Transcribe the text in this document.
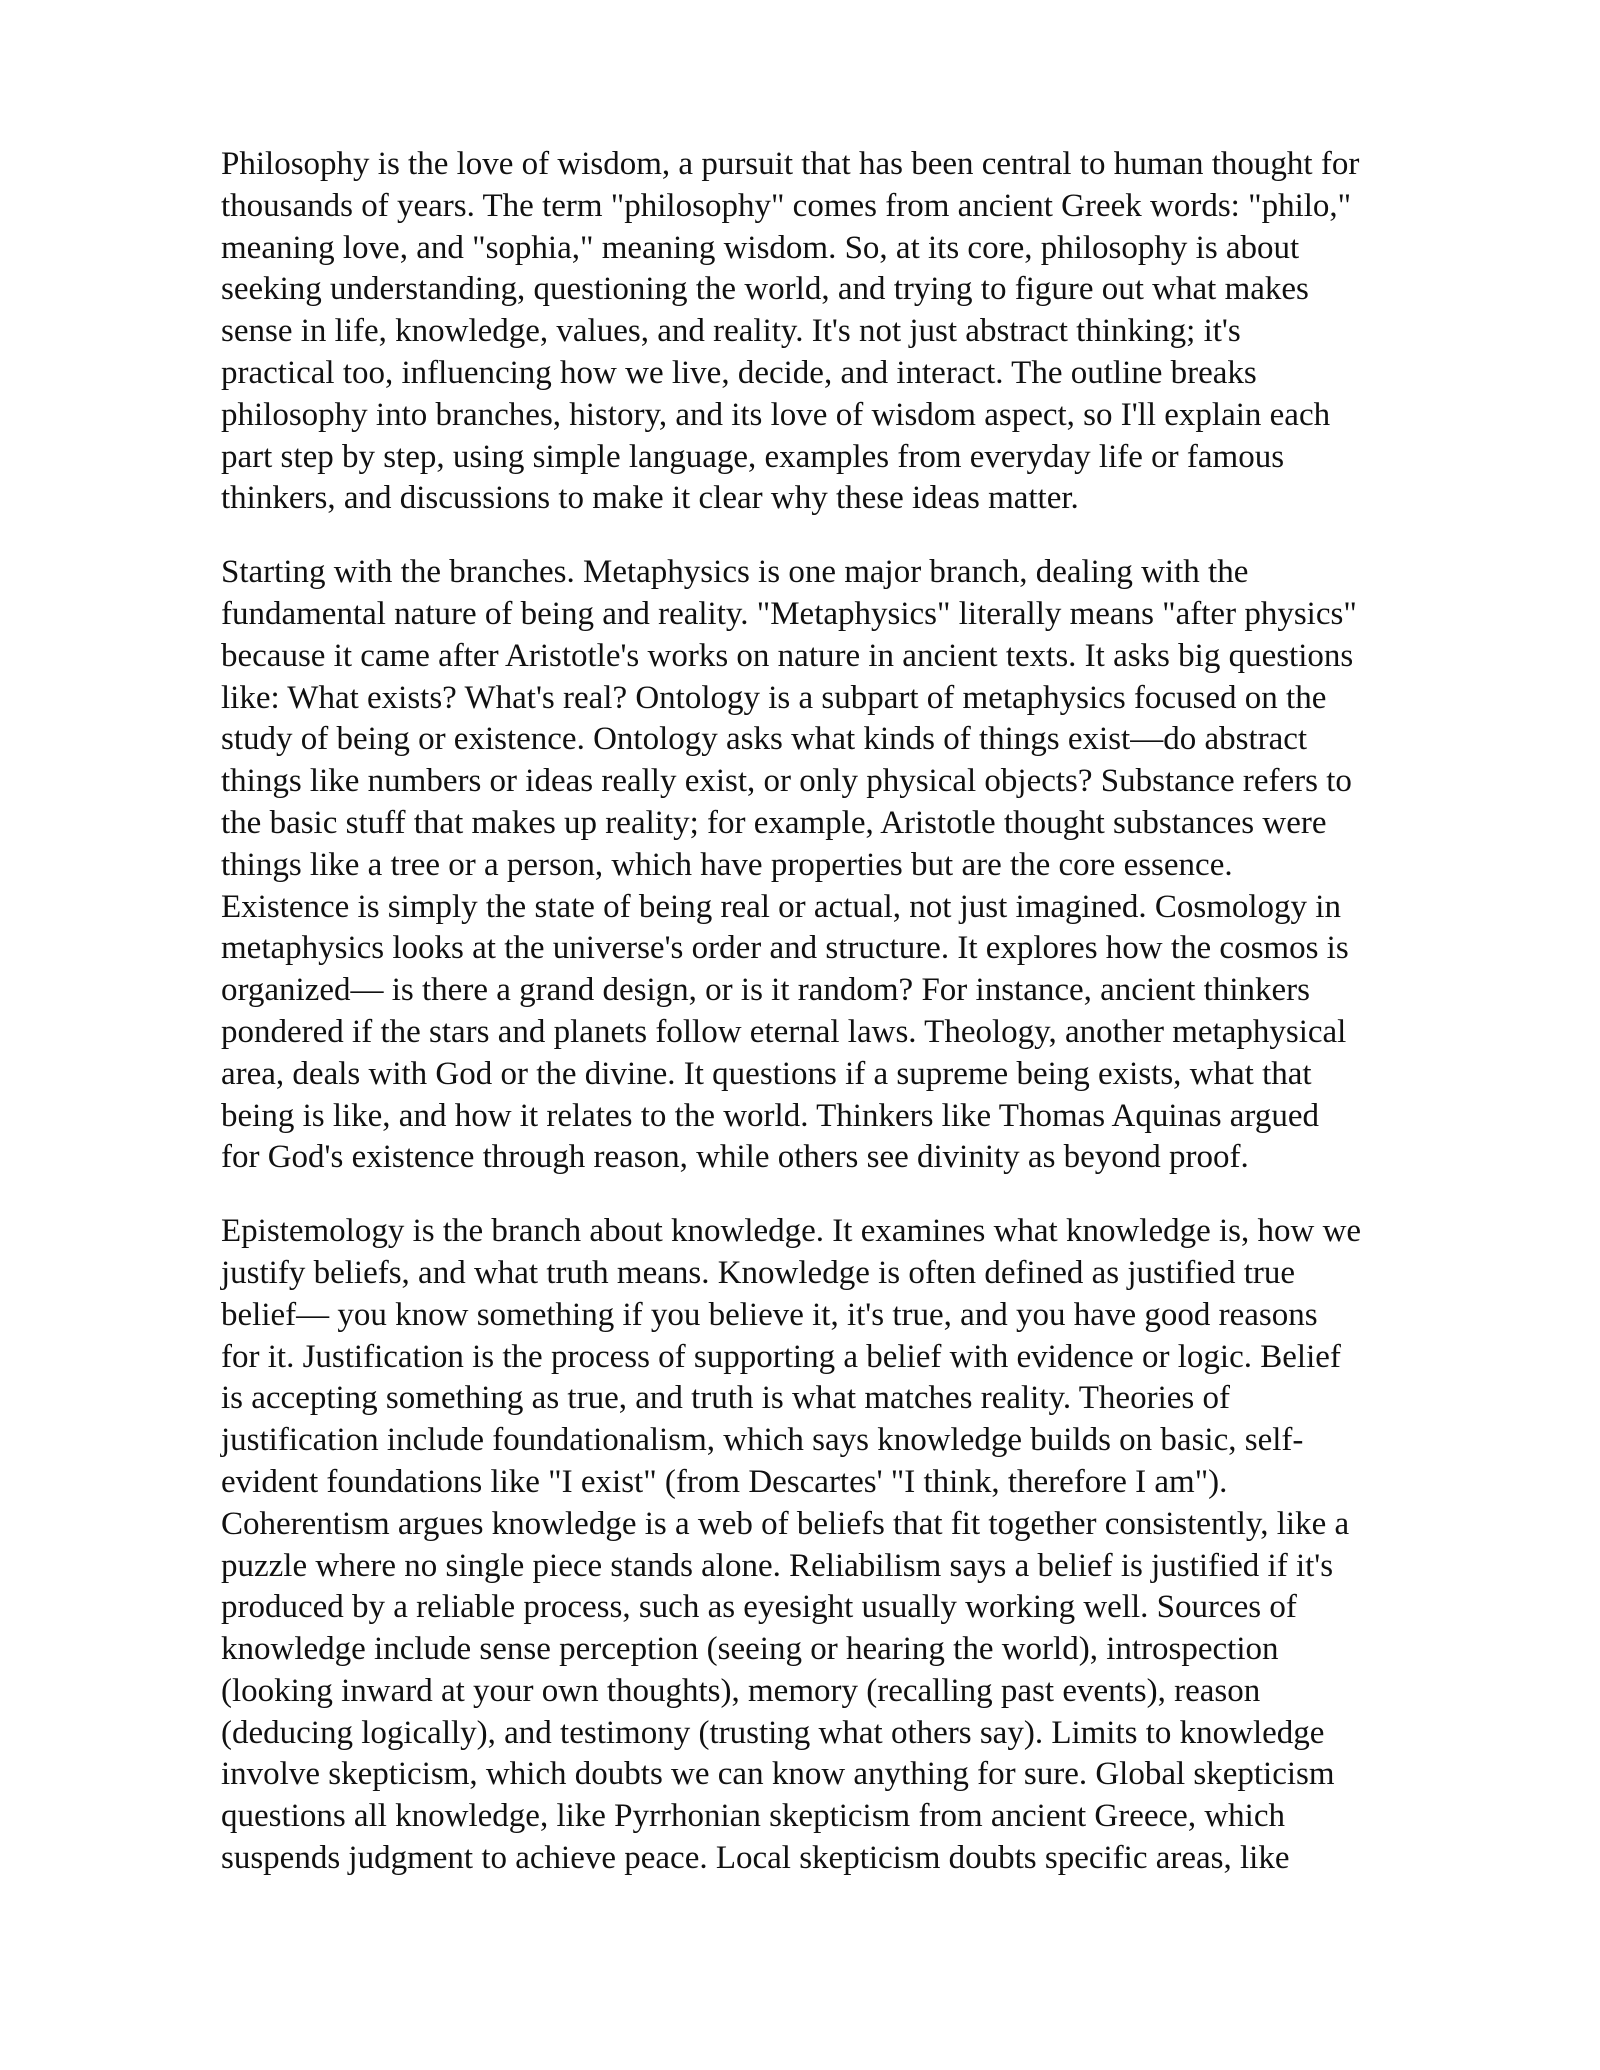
Philosophy is the love of wisdom, a pursuit that has been central to human thought for
thousands of years. The term "philosophy" comes from ancient Greek words: "philo,"
meaning love, and "sophia," meaning wisdom. So, at its core, philosophy is about
seeking understanding, questioning the world, and trying to figure out what makes
sense in life, knowledge, values, and reality. It's not just abstract thinking; it's
practical too, influencing how we live, decide, and interact. The outline breaks
philosophy into branches, history, and its love of wisdom aspect, so I'll explain each
part step by step, using simple language, examples from everyday life or famous
thinkers, and discussions to make it clear why these ideas matter.

Starting with the branches. Metaphysics is one major branch, dealing with the
fundamental nature of being and reality. "Metaphysics" literally means "after physics"
because it came after Aristotle's works on nature in ancient texts. It asks big questions
like: What exists? What's real? Ontology is a subpart of metaphysics focused on the
study of being or existence. Ontology asks what kinds of things exist—do abstract
things like numbers or ideas really exist, or only physical objects? Substance refers to
the basic stuff that makes up reality; for example, Aristotle thought substances were
things like a tree or a person, which have properties but are the core essence.
Existence is simply the state of being real or actual, not just imagined. Cosmology in
metaphysics looks at the universe's order and structure. It explores how the cosmos is
organized— is there a grand design, or is it random? For instance, ancient thinkers
pondered if the stars and planets follow eternal laws. Theology, another metaphysical
area, deals with God or the divine. It questions if a supreme being exists, what that
being is like, and how it relates to the world. Thinkers like Thomas Aquinas argued
for God's existence through reason, while others see divinity as beyond proof.

Epistemology is the branch about knowledge. It examines what knowledge is, how we
justify beliefs, and what truth means. Knowledge is often defined as justified true
belief— you know something if you believe it, it's true, and you have good reasons
for it. Justification is the process of supporting a belief with evidence or logic. Belief
is accepting something as true, and truth is what matches reality. Theories of
justification include foundationalism, which says knowledge builds on basic, self-
evident foundations like "I exist" (from Descartes' "I think, therefore I am").
Coherentism argues knowledge is a web of beliefs that fit together consistently, like a
puzzle where no single piece stands alone. Reliabilism says a belief is justified if it's
produced by a reliable process, such as eyesight usually working well. Sources of
knowledge include sense perception (seeing or hearing the world), introspection
(looking inward at your own thoughts), memory (recalling past events), reason
(deducing logically), and testimony (trusting what others say). Limits to knowledge
involve skepticism, which doubts we can know anything for sure. Global skepticism
questions all knowledge, like Pyrrhonian skepticism from ancient Greece, which
suspends judgment to achieve peace. Local skepticism doubts specific areas, like
